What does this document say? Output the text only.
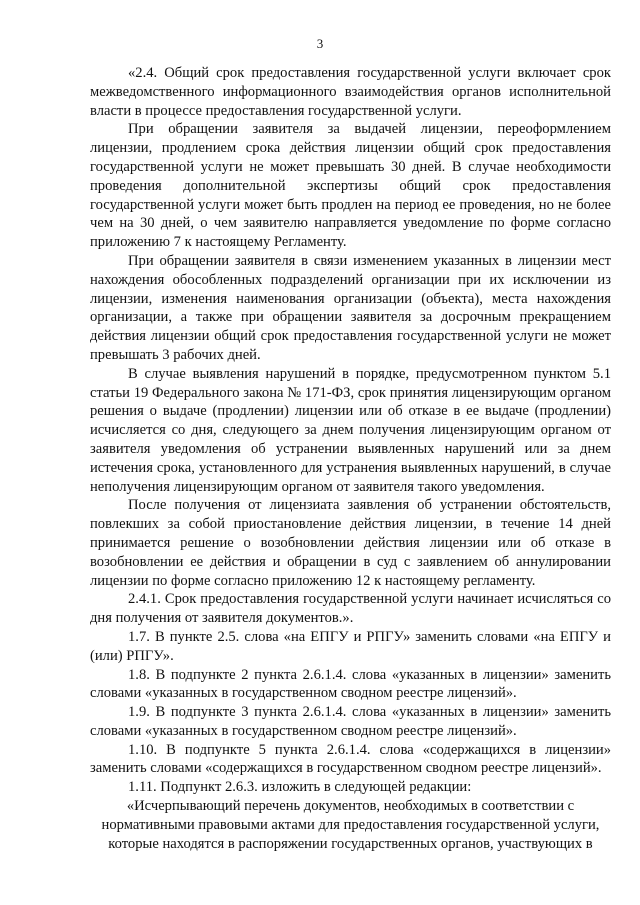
3

«2.4. Общий срок предоставления государственной услуги включает срок межведомственного информационного взаимодействия органов исполнительной власти в процессе предоставления государственной услуги.

При обращении заявителя за выдачей лицензии, переоформлением лицензии, продлением срока действия лицензии общий срок предоставления государственной услуги не может превышать 30 дней. В случае необходимости проведения дополнительной экспертизы общий срок предоставления государственной услуги может быть продлен на период ее проведения, но не более чем на 30 дней, о чем заявителю направляется уведомление по форме согласно приложению 7 к настоящему Регламенту.

При обращении заявителя в связи изменением указанных в лицензии мест нахождения обособленных подразделений организации при их исключении из лицензии, изменения наименования организации (объекта), места нахождения организации, а также при обращении заявителя за досрочным прекращением действия лицензии общий срок предоставления государственной услуги не может превышать 3 рабочих дней.

В случае выявления нарушений в порядке, предусмотренном пунктом 5.1 статьи 19 Федерального закона № 171-ФЗ, срок принятия лицензирующим органом решения о выдаче (продлении) лицензии или об отказе в ее выдаче (продлении) исчисляется со дня, следующего за днем получения лицензирующим органом от заявителя уведомления об устранении выявленных нарушений или за днем истечения срока, установленного для устранения выявленных нарушений, в случае неполучения лицензирующим органом от заявителя такого уведомления.

После получения от лицензиата заявления об устранении обстоятельств, повлекших за собой приостановление действия лицензии, в течение 14 дней принимается решение о возобновлении действия лицензии или об отказе в возобновлении ее действия и обращении в суд с заявлением об аннулировании лицензии по форме согласно приложению 12 к настоящему регламенту.

2.4.1. Срок предоставления государственной услуги начинает исчисляться со дня получения от заявителя документов.».

1.7. В пункте 2.5. слова «на ЕПГУ и РПГУ» заменить словами «на ЕПГУ и (или) РПГУ».

1.8. В подпункте 2 пункта 2.6.1.4. слова «указанных в лицензии» заменить словами «указанных в государственном сводном реестре лицензий».

1.9. В подпункте 3 пункта 2.6.1.4. слова «указанных в лицензии» заменить словами «указанных в государственном сводном реестре лицензий».

1.10. В подпункте 5 пункта 2.6.1.4. слова «содержащихся в лицензии» заменить словами «содержащихся в государственном сводном реестре лицензий».

1.11. Подпункт 2.6.3. изложить в следующей редакции:

«Исчерпывающий перечень документов, необходимых в соответствии с нормативными правовыми актами для предоставления государственной услуги, которые находятся в распоряжении государственных органов, участвующих в
